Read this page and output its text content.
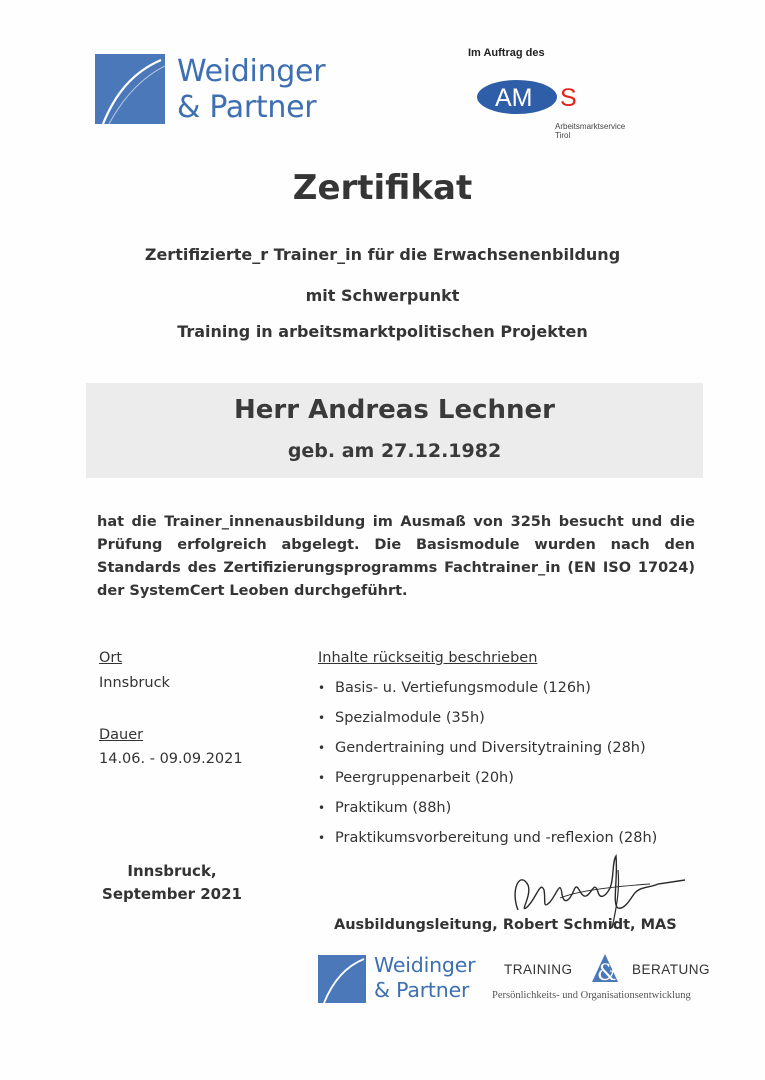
Weidinger
& Partner
Im Auftrag des
AM S
Arbeitsmarktservice
Tirol
Zertifikat
Zertifizierte_r Trainer_in für die Erwachsenenbildung
mit Schwerpunkt
Training in arbeitsmarktpolitischen Projekten
Herr Andreas Lechner
geb. am 27.12.1982
hat die Trainer_innenausbildung im Ausmaß von 325h besucht und die Prüfung erfolgreich abgelegt. Die Basismodule wurden nach den Standards des Zertifizierungsprogramms Fachtrainer_in (EN ISO 17024) der SystemCert Leoben durchgeführt.
Ort
Innsbruck
Dauer
14.06. - 09.09.2021
Inhalte rückseitig beschrieben
• Basis- u. Vertiefungsmodule (126h)
• Spezialmodule (35h)
• Gendertraining und Diversitytraining (28h)
• Peergruppenarbeit (20h)
• Praktikum (88h)
• Praktikumsvorbereitung und -reflexion (28h)
Innsbruck,
September 2021
Ausbildungsleitung, Robert Schmidt, MAS
Weidinger
& Partner
TRAINING	BERATUNG
&
Persönlichkeits- und Organisationsentwicklung
